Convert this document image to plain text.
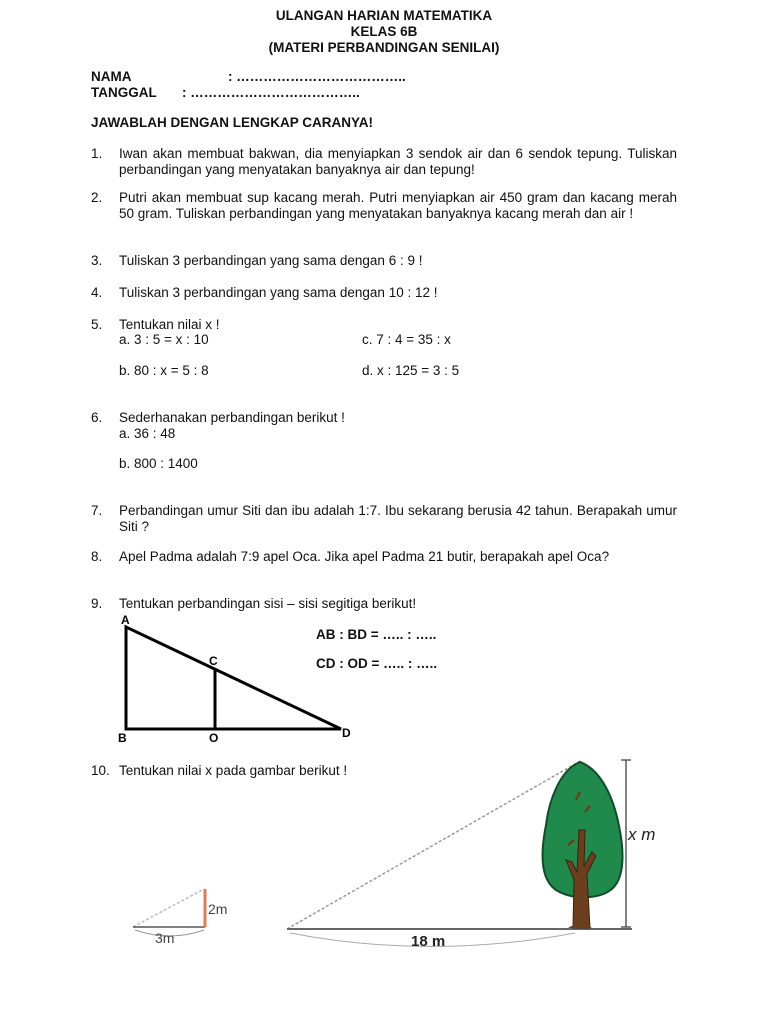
ULANGAN HARIAN MATEMATIKA
KELAS 6B
(MATERI PERBANDINGAN SENILAI)
NAMA	: ………………………………..
TANGGAL : ………………………………..
JAWABLAH DENGAN LENGKAP CARANYA!
1.	Iwan akan membuat bakwan, dia menyiapkan 3 sendok air dan 6 sendok tepung. Tuliskan perbandingan yang menyatakan banyaknya air dan tepung!
2.	Putri akan membuat sup kacang merah. Putri menyiapkan air 450 gram dan kacang merah 50 gram. Tuliskan perbandingan yang menyatakan banyaknya kacang merah dan air !
3.	Tuliskan 3 perbandingan yang sama dengan 6 : 9 !
4.	Tuliskan 3 perbandingan yang sama dengan 10 : 12 !
5.	Tentukan nilai x !
a. 3 : 5 = x : 10	c. 7 : 4 = 35 : x
b. 80 : x = 5 : 8	d. x : 125 = 3 : 5
6.	Sederhanakan perbandingan berikut !
a. 36 : 48
b. 800 : 1400
7.	Perbandingan umur Siti dan ibu adalah 1:7. Ibu sekarang berusia 42 tahun. Berapakah umur Siti ?
8.	Apel Padma adalah 7:9 apel Oca. Jika apel Padma 21 butir, berapakah apel Oca?
9.	Tentukan perbandingan sisi – sisi segitiga berikut!
AB : BD = ….. : …..
CD : OD = ….. : …..
A
B
C
O	D
10. Tentukan nilai x pada gambar berikut !
2m
3m	18 m
x m
